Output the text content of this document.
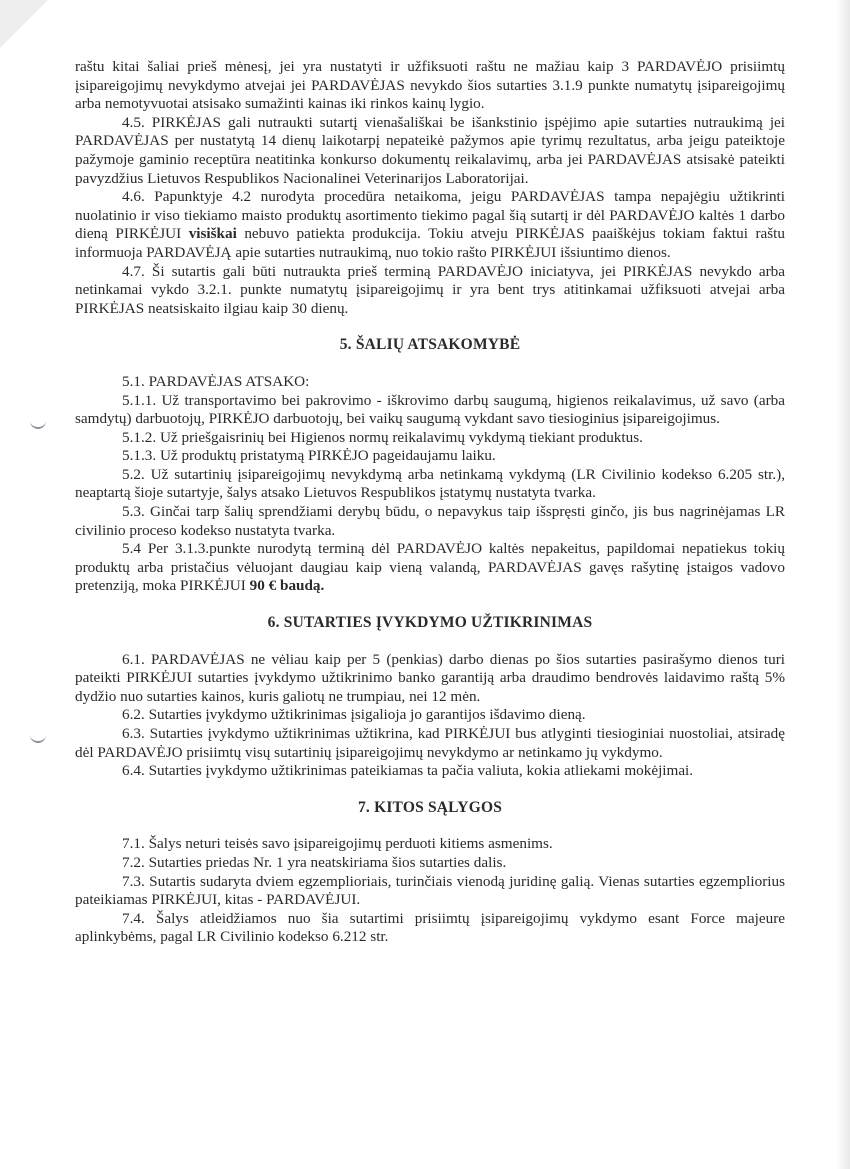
raštu kitai šaliai prieš mėnesį, jei yra nustatyti ir užfiksuoti raštu ne mažiau kaip 3 PARDAVĖJO prisiimtų įsipareigojimų nevykdymo atvejai jei PARDAVĖJAS nevykdo šios sutarties 3.1.9 punkte numatytų įsipareigojimų arba nemotyvuotai atsisako sumažinti kainas iki rinkos kainų lygio.

4.5. PIRKĖJAS gali nutraukti sutartį vienašališkai be išankstinio įspėjimo apie sutarties nutraukimą jei PARDAVĖJAS per nustatytą 14 dienų laikotarpį nepateikė pažymos apie tyrimų rezultatus, arba jeigu pateiktoje pažymoje gaminio receptūra neatitinka konkurso dokumentų reikalavimų, arba jei PARDAVĖJAS atsisakė pateikti pavyzdžius Lietuvos Respublikos Nacionalinei Veterinarijos Laboratorijai.

4.6. Papunktyje 4.2 nurodyta procedūra netaikoma, jeigu PARDAVĖJAS tampa nepajėgiu užtikrinti nuolatinio ir viso tiekiamo maisto produktų asortimento tiekimo pagal šią sutartį ir dėl PARDAVĖJO kaltės 1 darbo dieną PIRKĖJUI visiškai nebuvo patiekta produkcija. Tokiu atveju PIRKĖJAS paaiškėjus tokiam faktui raštu informuoja PARDAVĖJĄ apie sutarties nutraukimą, nuo tokio rašto PIRKĖJUI išsiuntimo dienos.

4.7. Ši sutartis gali būti nutraukta prieš terminą PARDAVĖJO iniciatyva, jei PIRKĖJAS nevykdo arba netinkamai vykdo 3.2.1. punkte numatytų įsipareigojimų ir yra bent trys atitinkamai užfiksuoti atvejai arba PIRKĖJAS neatsiskaito ilgiau kaip 30 dienų.

5. ŠALIŲ ATSAKOMYBĖ

5.1. PARDAVĖJAS ATSAKO:

5.1.1. Už transportavimo bei pakrovimo - iškrovimo darbų saugumą, higienos reikalavimus, už savo (arba samdytų) darbuotojų, PIRKĖJO darbuotojų, bei vaikų saugumą vykdant savo tiesioginius įsipareigojimus.

5.1.2. Už priešgaisrinių bei Higienos normų reikalavimų vykdymą tiekiant produktus.

5.1.3. Už produktų pristatymą PIRKĖJO pageidaujamu laiku.

5.2. Už sutartinių įsipareigojimų nevykdymą arba netinkamą vykdymą (LR Civilinio kodekso 6.205 str.), neaptartą šioje sutartyje, šalys atsako Lietuvos Respublikos įstatymų nustatyta tvarka.

5.3. Ginčai tarp šalių sprendžiami derybų būdu, o nepavykus taip išspręsti ginčo, jis bus nagrinėjamas LR civilinio proceso kodekso nustatyta tvarka.

5.4 Per 3.1.3.punkte nurodytą terminą dėl PARDAVĖJO kaltės nepakeitus, papildomai nepatiekus tokių produktų arba pristačius vėluojant daugiau kaip vieną valandą, PARDAVĖJAS gavęs rašytinę įstaigos vadovo pretenziją, moka PIRKĖJUI 90 € baudą.

6. SUTARTIES ĮVYKDYMO UŽTIKRINIMAS

6.1. PARDAVĖJAS ne vėliau kaip per 5 (penkias) darbo dienas po šios sutarties pasirašymo dienos turi pateikti PIRKĖJUI sutarties įvykdymo užtikrinimo banko garantiją arba draudimo bendrovės laidavimo raštą 5% dydžio nuo sutarties kainos, kuris galiotų ne trumpiau, nei 12 mėn.

6.2. Sutarties įvykdymo užtikrinimas įsigalioja jo garantijos išdavimo dieną.

6.3. Sutarties įvykdymo užtikrinimas užtikrina, kad PIRKĖJUI bus atlyginti tiesioginiai nuostoliai, atsiradę dėl PARDAVĖJO prisiimtų visų sutartinių įsipareigojimų nevykdymo ar netinkamo jų vykdymo.

6.4. Sutarties įvykdymo užtikrinimas pateikiamas ta pačia valiuta, kokia atliekami mokėjimai.

7. KITOS SĄLYGOS

7.1. Šalys neturi teisės savo įsipareigojimų perduoti kitiems asmenims.

7.2. Sutarties priedas Nr. 1 yra neatskiriama šios sutarties dalis.

7.3. Sutartis sudaryta dviem egzemplioriais, turinčiais vienodą juridinę galią. Vienas sutarties egzempliorius pateikiamas PIRKĖJUI, kitas - PARDAVĖJUI.

7.4. Šalys atleidžiamos nuo šia sutartimi prisiimtų įsipareigojimų vykdymo esant Force majeure aplinkybėms, pagal LR Civilinio kodekso 6.212 str.
